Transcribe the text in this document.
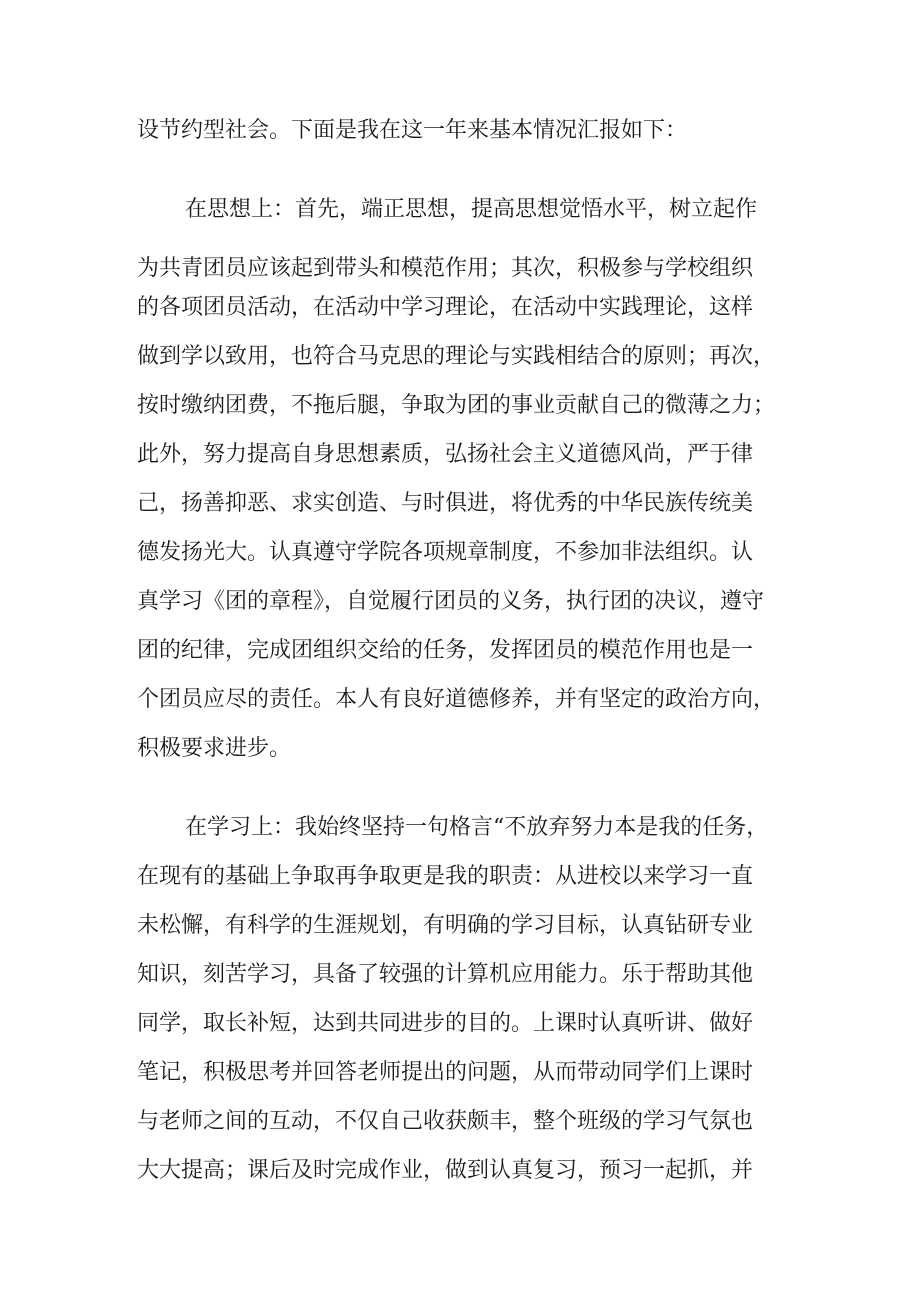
设节约型社会。下面是我在这一年来基本情况汇报如下：
在思想上：首先，端正思想，提高思想觉悟水平，树立起作
为共青团员应该起到带头和模范作用；其次，积极参与学校组织
的各项团员活动，在活动中学习理论，在活动中实践理论，这样
做到学以致用，也符合马克思的理论与实践相结合的原则；再次，
按时缴纳团费，不拖后腿，争取为团的事业贡献自己的微薄之力；
此外，努力提高自身思想素质，弘扬社会主义道德风尚，严于律
己，扬善抑恶、求实创造、与时俱进，将优秀的中华民族传统美
德发扬光大。认真遵守学院各项规章制度，不参加非法组织。认
真学习《团的章程》，自觉履行团员的义务，执行团的决议，遵守
团的纪律，完成团组织交给的任务，发挥团员的模范作用也是一
个团员应尽的责任。本人有良好道德修养，并有坚定的政治方向，
积极要求进步。
在学习上：我始终坚持一句格言“不放弃努力本是我的任务，
在现有的基础上争取再争取更是我的职责：从进校以来学习一直
未松懈，有科学的生涯规划，有明确的学习目标，认真钻研专业
知识，刻苦学习，具备了较强的计算机应用能力。乐于帮助其他
同学，取长补短，达到共同进步的目的。上课时认真听讲、做好
笔记，积极思考并回答老师提出的问题，从而带动同学们上课时
与老师之间的互动，不仅自己收获颇丰，整个班级的学习气氛也
大大提高；课后及时完成作业，做到认真复习，预习一起抓，并
